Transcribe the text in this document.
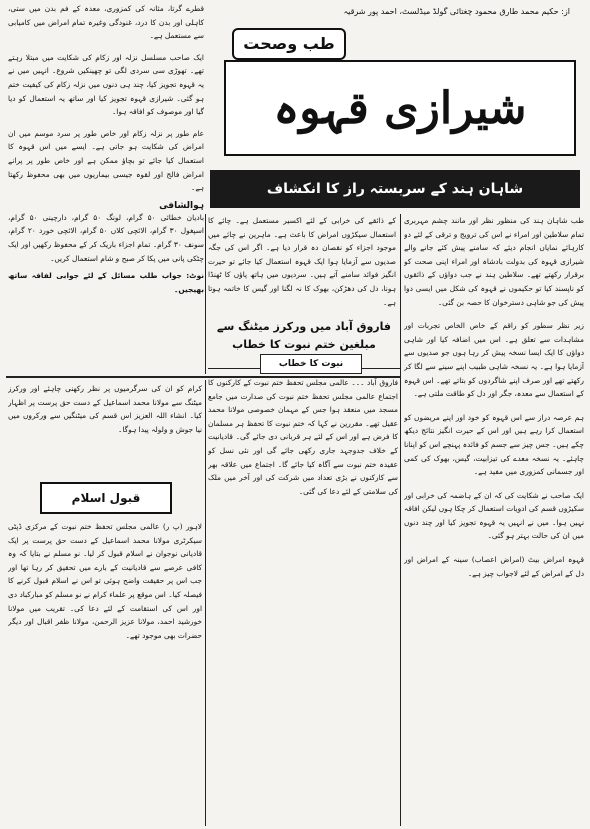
از: حکیم محمد طارق محمود چغتائی گولڈ میڈلسٹ، احمد پور شرقیہ
طب وصحت
شیرازی قہوہ
شاہان ہند کے سربستہ راز کا انکشاف

طب شاہان ہند کی منظور نظر اور مانند چشم مہربری تمام سلاطین اور امراء نے اس کی ترویج و ترقی کے لئے دو کارہائے نمایاں انجام دیئے کہ سامنے پیش کئے جانے والے شیرازی قہوہ کی بدولت بادشاہ اور امراء اپنی صحت کو برقرار رکھتے تھے۔ سلاطین ہند نے جب دواؤں کے ذائقوں کو ناپسند کیا تو حکیموں نے قہوہ کی شکل میں ایسی دوا پیش کی جو شاہی دسترخوان کا حصہ بن گئی۔

زیر نظر سطور کو راقم کے خاص الخاص تجربات اور مشاہدات سے تعلق ہے۔ اس میں اضافہ کیا اور شاہی دواؤں کا ایک ایسا نسخہ پیش کر رہا ہوں جو صدیوں سے آزمایا ہوا ہے۔ یہ نسخہ شاہی طبیب اپنے سینے سے لگا کر رکھتے تھے اور صرف اپنے شاگردوں کو بتاتے تھے۔ اس قہوہ کے استعمال سے معدہ، جگر اور دل کو طاقت ملتی ہے۔

ہم عرصہ دراز سے اس قہوہ کو خود اور اپنے مریضوں کو استعمال کرا رہے ہیں اور اس کے حیرت انگیز نتائج دیکھ چکے ہیں۔ جس چیز سے جسم کو فائدہ پہنچے اس کو اپنانا چاہئے۔ یہ نسخہ معدے کی تیزابیت، گیس، بھوک کی کمی اور جسمانی کمزوری میں مفید ہے۔

ایک صاحب نے شکایت کی کہ ان کے ہاضمہ کی خرابی اور سکیڑوں قسم کی ادویات استعمال کر چکا ہوں لیکن افاقہ نہیں ہوا۔ میں نے انہیں یہ قہوہ تجویز کیا اور چند دنوں میں ان کی حالت بہتر ہو گئی۔

قہوہ امراض بیٹ (امراض اعصاب) سینہ کے امراض اور دل کے امراض کے لئے لاجواب چیز ہے۔

کے ذائقے کی خرابی کے لئے اکسیر مستعمل ہے۔ چائے کا استعمال سیکڑوں امراض کا باعث ہے۔ ماہرین نے چائے میں موجود اجزاء کو نقصان دہ قرار دیا ہے۔ اگر اس کی جگہ صدیوں سے آزمایا ہوا ایک قہوہ استعمال کیا جائے تو حیرت انگیز فوائد سامنے آتے ہیں۔ سردیوں میں ہاتھ پاؤں کا ٹھنڈا ہونا، دل کی دھڑکن، بھوک کا نہ لگنا اور گیس کا خاتمہ ہوتا ہے۔

قطرے گرتا، مثانہ کی کمزوری، معدہ کے فم بدن میں ستی، کاہلی اور بدن کا درد، غنودگی وغیرہ تمام امراض میں کامیابی سے مستعمل ہے۔

ایک صاحب مسلسل نزلہ اور زکام کی شکایت میں مبتلا رہتے تھے۔ تھوڑی سی سردی لگی تو چھینکیں شروع۔ انہیں میں نے یہ قہوہ تجویز کیا، چند ہی دنوں میں نزلہ زکام کی کیفیت ختم ہو گئی۔ شیرازی قہوہ تجویز کیا اور ساتھ یہ استعمال کو دیا گیا اور موصوف کو افاقہ ہوا۔

عام طور پر نزلہ زکام اور خاص طور پر سرد موسم میں ان امراض کی شکایت ہو جاتی ہے۔ ایسے میں اس قہوہ کا استعمال کیا جائے تو بچاؤ ممکن ہے اور خاص طور پر پرانے امراض فالج اور لقوہ جیسی بیماریوں میں بھی محفوظ رکھتا ہے۔

ہوالشافی

بادیان خطائی ۵۰ گرام، لونگ ۵۰ گرام، دارچینی ۵۰ گرام، اسپغول ۳۰ گرام، الائچی کلاں ۵۰ گرام، الائچی خورد ۲۰ گرام، سونف ۳۰ گرام۔ تمام اجزاء باریک کر کے محفوظ رکھیں اور ایک چٹکی پانی میں پکا کر صبح و شام استعمال کریں۔

نوٹ: جواب طلب مسائل کے لئے جوابی لفافہ ساتھ بھیجیں۔

فاروق آباد میں ورکرز میٹنگ سے مبلغین ختم نبوت کا خطاب
نبوت کا خطاب

فاروق آباد ۔۔۔ عالمی مجلس تحفظ ختم نبوت کے کارکنوں کا اجتماع عالمی مجلس تحفظ ختم نبوت کی صدارت میں جامع مسجد میں منعقد ہوا جس کے مہمان خصوصی مولانا محمد عقیل تھے۔ مقررین نے کہا کہ ختم نبوت کا تحفظ ہر مسلمان کا فرض ہے اور اس کے لئے ہر قربانی دی جائے گی۔ قادیانیت کے خلاف جدوجہد جاری رکھی جائے گی اور نئی نسل کو عقیدہ ختم نبوت سے آگاہ کیا جائے گا۔ اجتماع میں علاقہ بھر سے کارکنوں نے بڑی تعداد میں شرکت کی اور آخر میں ملک کی سلامتی کے لئے دعا کی گئی۔

کرام کو ان کی سرگرمیوں پر نظر رکھنی چاہئے اور ورکرز میٹنگ سے مولانا محمد اسماعیل کے دست حق پرست پر اظہار کیا۔ انشاء اللہ العزیز اس قسم کی میٹنگیں سے ورکروں میں نیا جوش و ولولہ پیدا ہوگا۔

قبول اسلام

لاہور (پ ر) عالمی مجلس تحفظ ختم نبوت کے مرکزی ڈپٹی سیکرٹری مولانا محمد اسماعیل کے دست حق پرست پر ایک قادیانی نوجوان نے اسلام قبول کر لیا۔ نو مسلم نے بتایا کہ وہ کافی عرصے سے قادیانیت کے بارے میں تحقیق کر رہا تھا اور جب اس پر حقیقت واضح ہوئی تو اس نے اسلام قبول کرنے کا فیصلہ کیا۔ اس موقع پر علماء کرام نے نو مسلم کو مبارکباد دی اور اس کی استقامت کے لئے دعا کی۔ تقریب میں مولانا خورشید احمد، مولانا عزیز الرحمن، مولانا ظفر اقبال اور دیگر حضرات بھی موجود تھے۔
